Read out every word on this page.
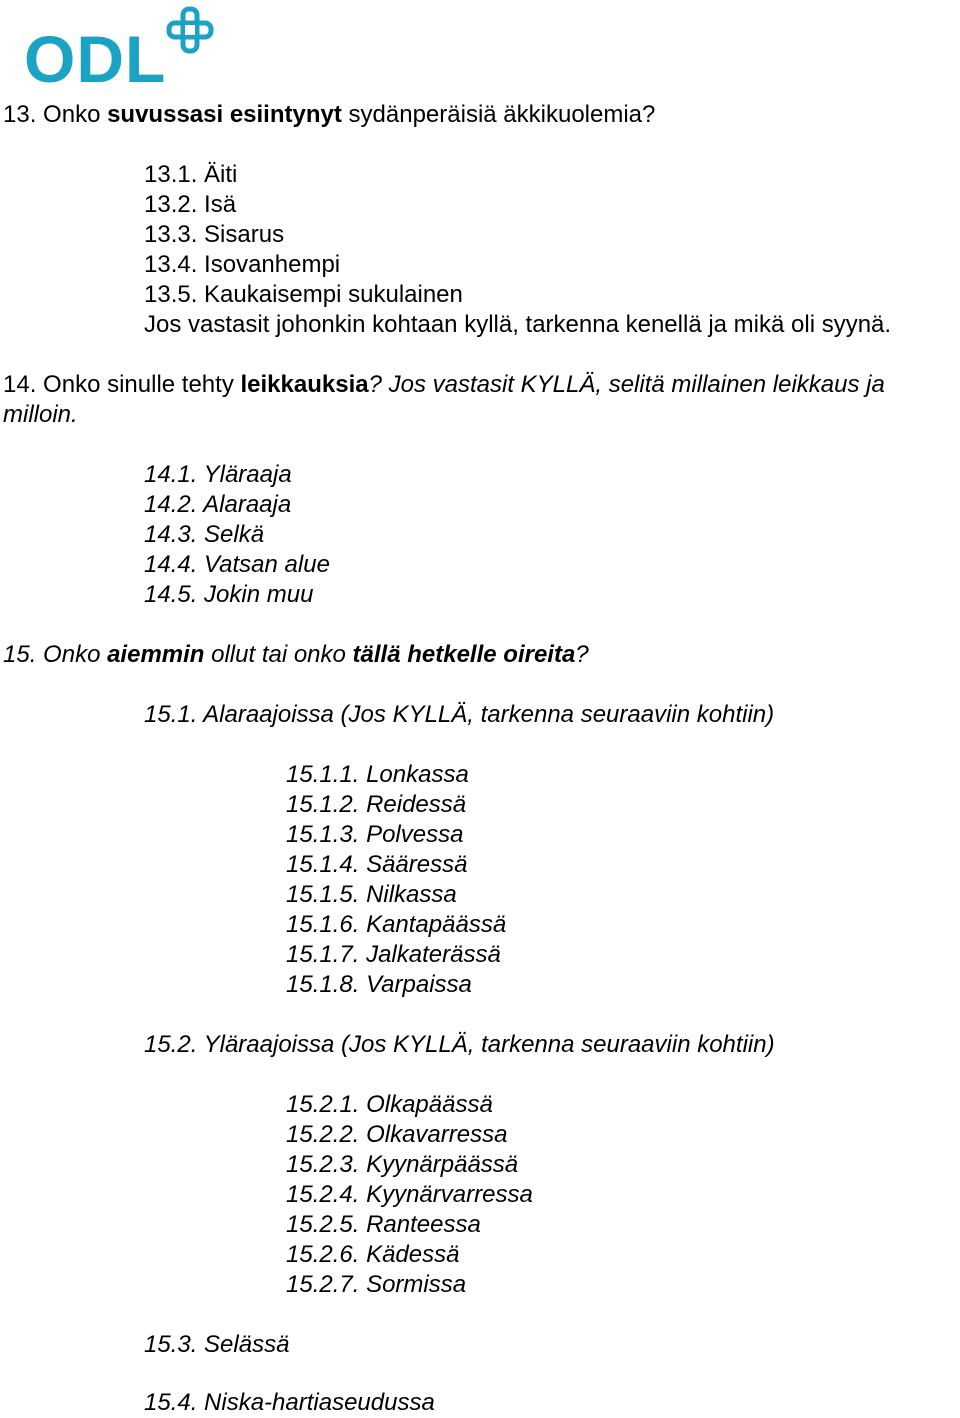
ODL
13. Onko suvussasi esiintynyt sydänperäisiä äkkikuolemia?
13.1. Äiti
13.2. Isä
13.3. Sisarus
13.4. Isovanhempi
13.5. Kaukaisempi sukulainen
Jos vastasit johonkin kohtaan kyllä, tarkenna kenellä ja mikä oli syynä.
14. Onko sinulle tehty leikkauksia? Jos vastasit KYLLÄ, selitä millainen leikkaus ja
milloin.
14.1. Yläraaja
14.2. Alaraaja
14.3. Selkä
14.4. Vatsan alue
14.5. Jokin muu
15. Onko aiemmin ollut tai onko tällä hetkelle oireita?
15.1. Alaraajoissa (Jos KYLLÄ, tarkenna seuraaviin kohtiin)
15.1.1. Lonkassa
15.1.2. Reidessä
15.1.3. Polvessa
15.1.4. Sääressä
15.1.5. Nilkassa
15.1.6. Kantapäässä
15.1.7. Jalkaterässä
15.1.8. Varpaissa
15.2. Yläraajoissa (Jos KYLLÄ, tarkenna seuraaviin kohtiin)
15.2.1. Olkapäässä
15.2.2. Olkavarressa
15.2.3. Kyynärpäässä
15.2.4. Kyynärvarressa
15.2.5. Ranteessa
15.2.6. Kädessä
15.2.7. Sormissa
15.3. Selässä
15.4. Niska-hartiaseudussa
